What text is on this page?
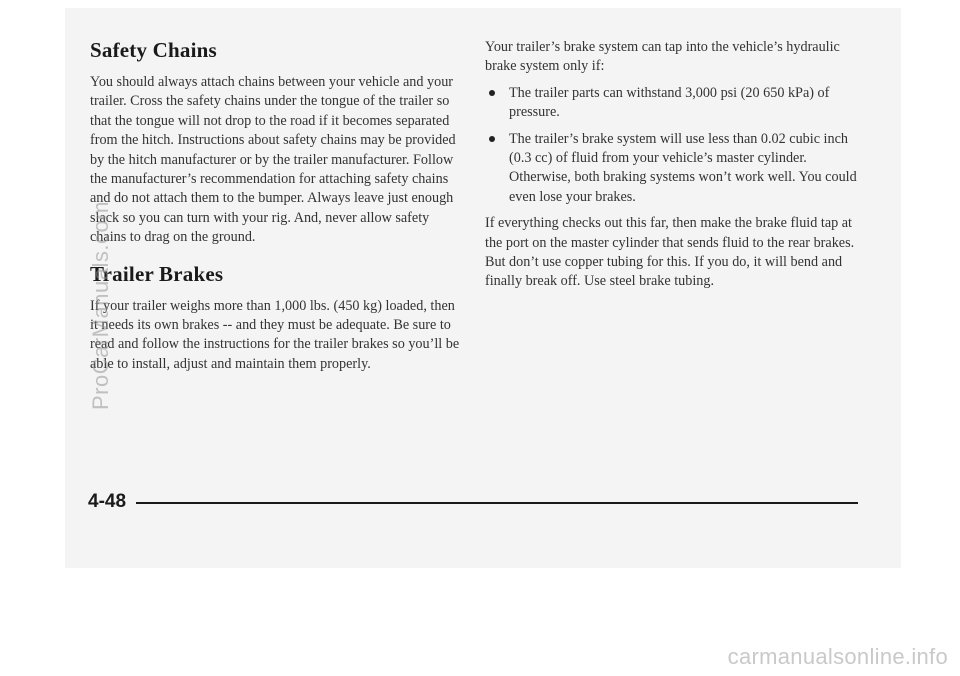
Safety Chains

You should always attach chains between your vehicle and your trailer. Cross the safety chains under the tongue of the trailer so that the tongue will not drop to the road if it becomes separated from the hitch. Instructions about safety chains may be provided by the hitch manufacturer or by the trailer manufacturer. Follow the manufacturer’s recommendation for attaching safety chains and do not attach them to the bumper. Always leave just enough slack so you can turn with your rig. And, never allow safety chains to drag on the ground.

Trailer Brakes

If your trailer weighs more than 1,000 lbs. (450 kg) loaded, then it needs its own brakes -- and they must be adequate. Be sure to read and follow the instructions for the trailer brakes so you’ll be able to install, adjust and maintain them properly.

Your trailer’s brake system can tap into the vehicle’s hydraulic brake system only if:

The trailer parts can withstand 3,000 psi (20 650 kPa) of pressure.
The trailer’s brake system will use less than 0.02 cubic inch (0.3 cc) of fluid from your vehicle’s master cylinder. Otherwise, both braking systems won’t work well. You could even lose your brakes.

If everything checks out this far, then make the brake fluid tap at the port on the master cylinder that sends fluid to the rear brakes. But don’t use copper tubing for this. If you do, it will bend and finally break off. Use steel brake tubing.

4-48
ProCarManuals.com
carmanualsonline.info
